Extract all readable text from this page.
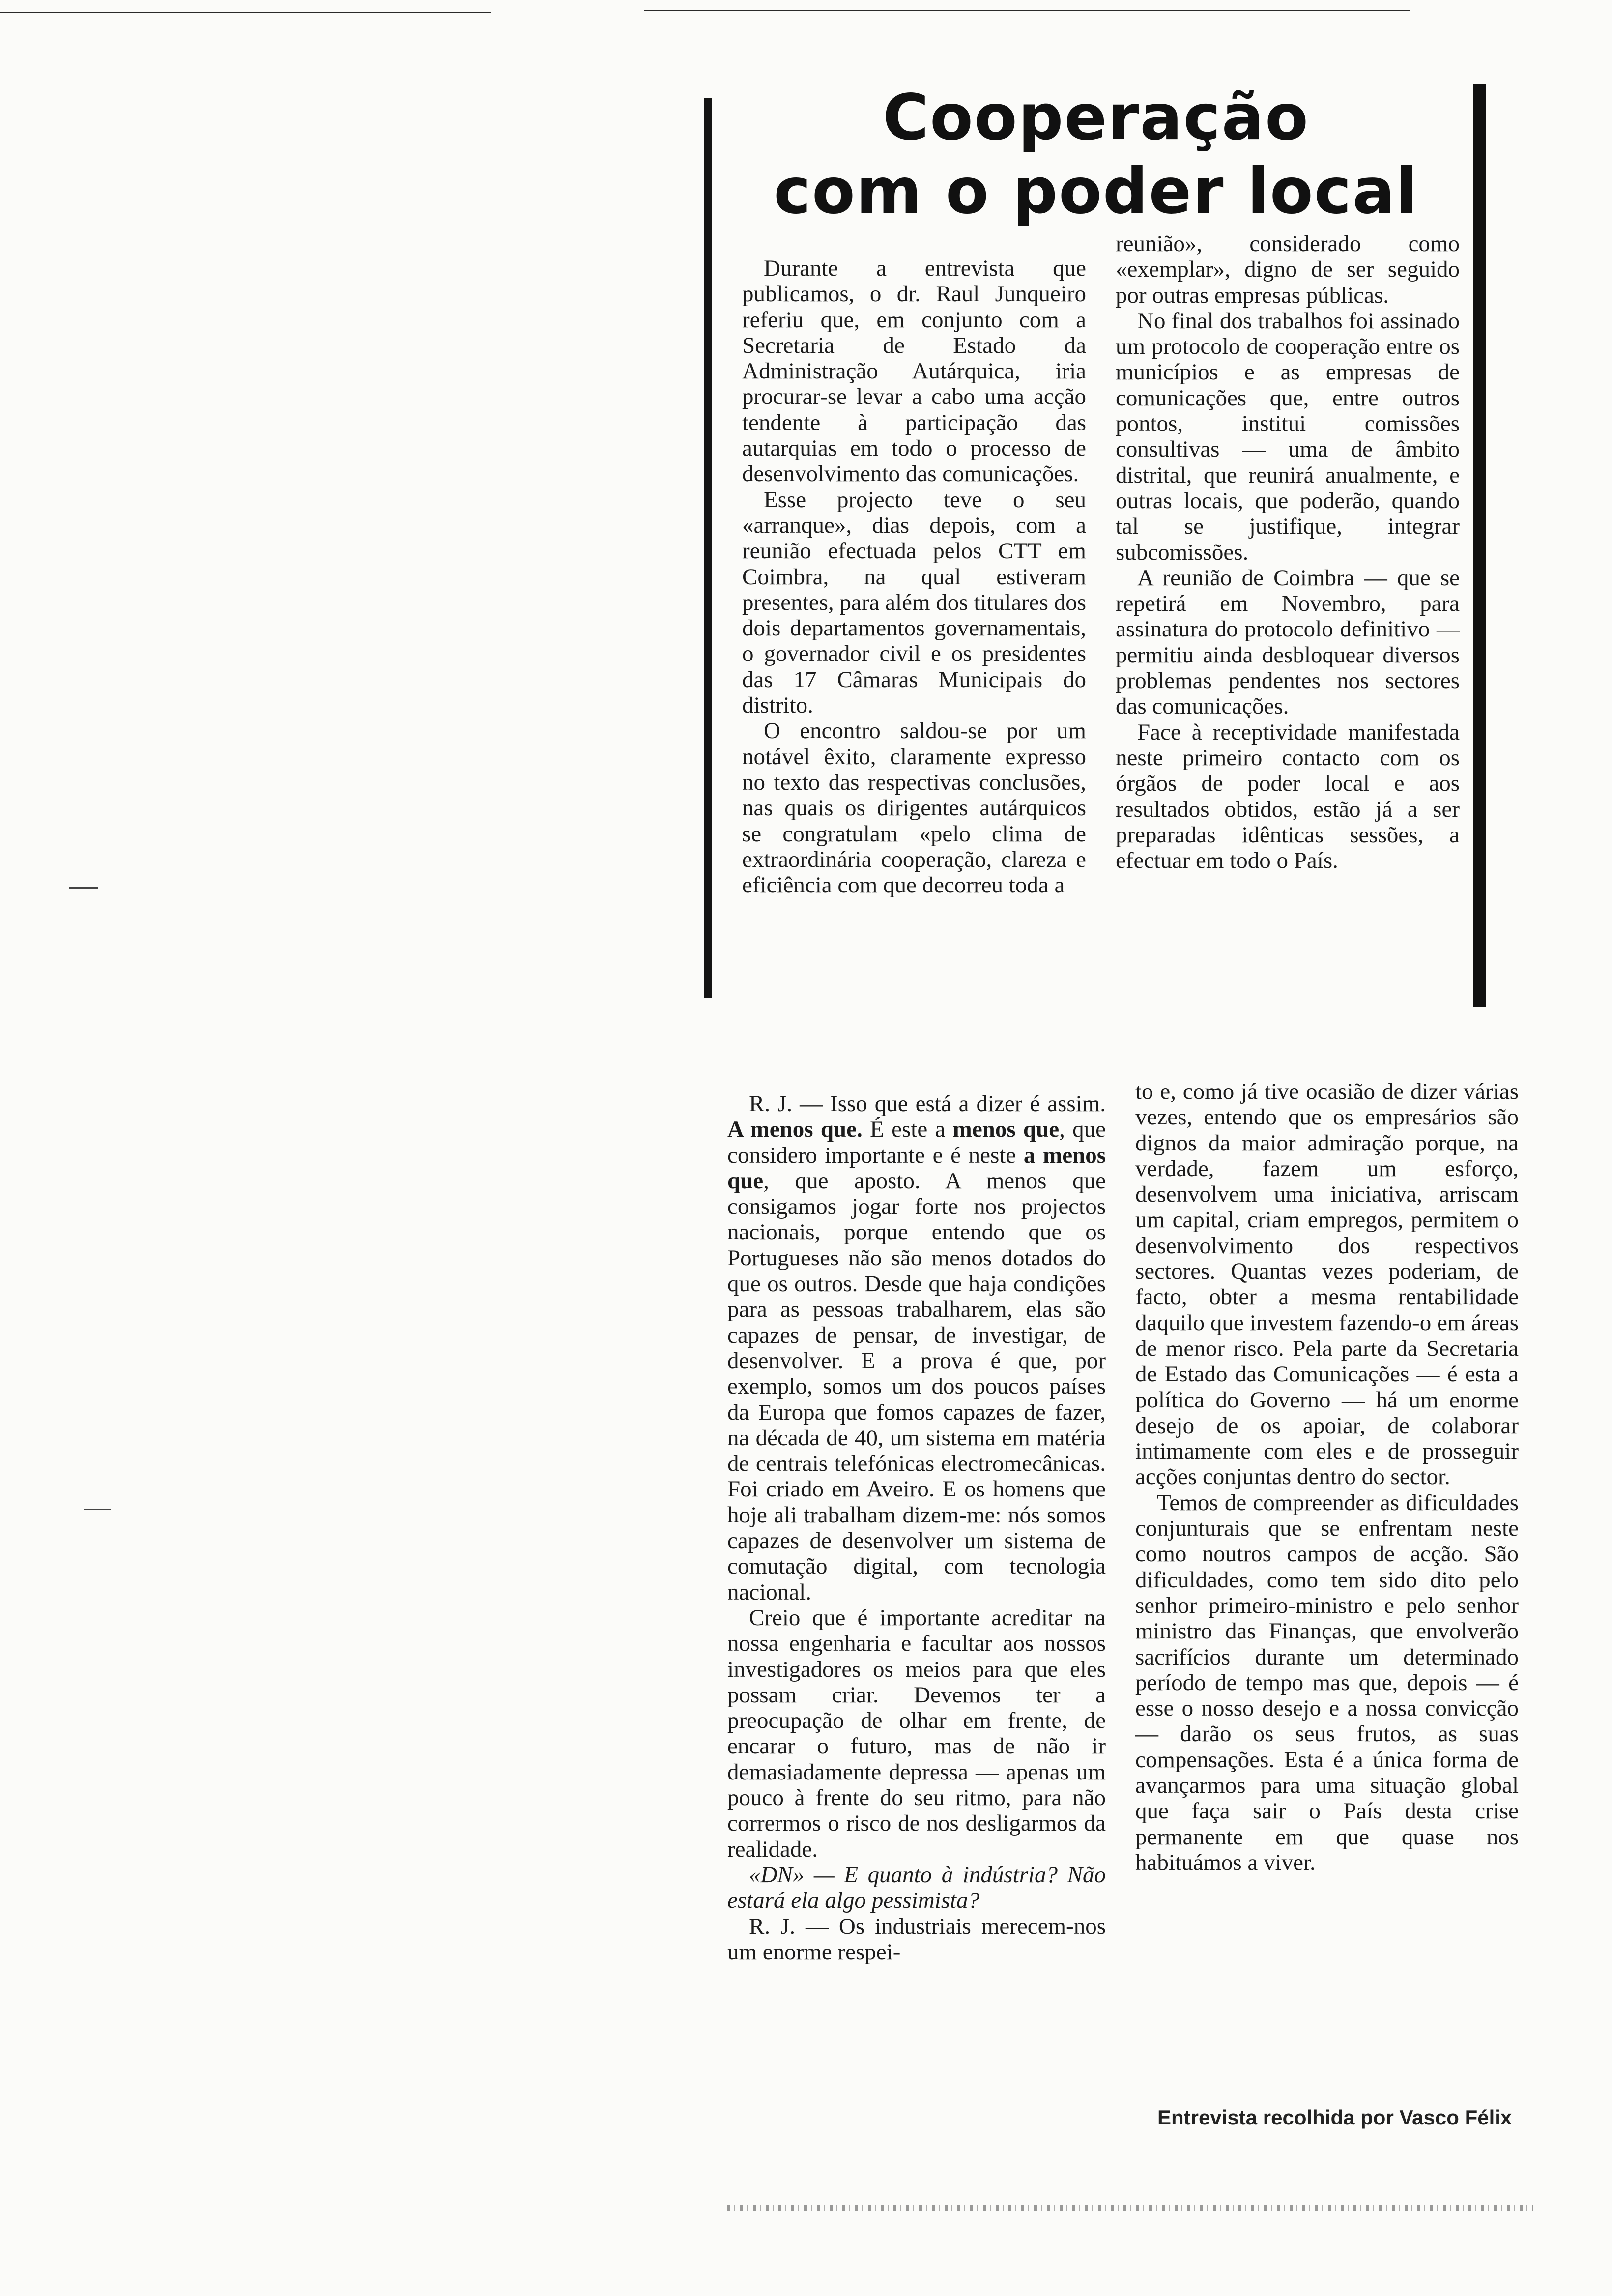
Cooperação
com o poder local

Durante a entrevista que publicamos, o dr. Raul Junqueiro referiu que, em conjunto com a Secretaria de Estado da Administração Autárquica, iria procurar-se levar a cabo uma acção tendente à participação das autarquias em todo o processo de desenvolvimento das comunicações.

Esse projecto teve o seu «arranque», dias depois, com a reunião efectuada pelos CTT em Coimbra, na qual estiveram presentes, para além dos titulares dos dois departamentos governamentais, o governador civil e os presidentes das 17 Câmaras Municipais do distrito.

O encontro saldou-se por um notável êxito, claramente expresso no texto das respectivas conclusões, nas quais os dirigentes autárquicos se congratulam «pelo clima de extraordinária cooperação, clareza e eficiência com que decorreu toda a

reunião», considerado como «exemplar», digno de ser seguido por outras empresas públicas.

No final dos trabalhos foi assinado um protocolo de cooperação entre os municípios e as empresas de comunicações que, entre outros pontos, institui comissões consultivas — uma de âmbito distrital, que reunirá anualmente, e outras locais, que poderão, quando tal se justifique, integrar subcomissões.

A reunião de Coimbra — que se repetirá em Novembro, para assinatura do protocolo definitivo — permitiu ainda desbloquear diversos problemas pendentes nos sectores das comunicações.

Face à receptividade manifestada neste primeiro contacto com os órgãos de poder local e aos resultados obtidos, estão já a ser preparadas idênticas sessões, a efectuar em todo o País.

R. J. — Isso que está a dizer é assim. A menos que. É este a menos que, que considero importante e é neste a menos que, que aposto. A menos que consigamos jogar forte nos projectos nacionais, porque entendo que os Portugueses não são menos dotados do que os outros. Desde que haja condições para as pessoas trabalharem, elas são capazes de pensar, de investigar, de desenvolver. E a prova é que, por exemplo, somos um dos poucos países da Europa que fomos capazes de fazer, na década de 40, um sistema em matéria de centrais telefónicas electromecânicas. Foi criado em Aveiro. E os homens que hoje ali trabalham dizem-me: nós somos capazes de desenvolver um sistema de comutação digital, com tecnologia nacional.

Creio que é importante acreditar na nossa engenharia e facultar aos nossos investigadores os meios para que eles possam criar. Devemos ter a preocupação de olhar em frente, de encarar o futuro, mas de não ir demasiadamente depressa — apenas um pouco à frente do seu ritmo, para não corrermos o risco de nos desligarmos da realidade.

«DN» — E quanto à indústria? Não estará ela algo pessimista?

R. J. — Os industriais merecem-nos um enorme respei-

to e, como já tive ocasião de dizer várias vezes, entendo que os empresários são dignos da maior admiração porque, na verdade, fazem um esforço, desenvolvem uma iniciativa, arriscam um capital, criam empregos, permitem o desenvolvimento dos respectivos sectores. Quantas vezes poderiam, de facto, obter a mesma rentabilidade daquilo que investem fazendo-o em áreas de menor risco. Pela parte da Secretaria de Estado das Comunicações — é esta a política do Governo — há um enorme desejo de os apoiar, de colaborar intimamente com eles e de prosseguir acções conjuntas dentro do sector.

Temos de compreender as dificuldades conjunturais que se enfrentam neste como noutros campos de acção. São dificuldades, como tem sido dito pelo senhor primeiro-ministro e pelo senhor ministro das Finanças, que envolverão sacrifícios durante um determinado período de tempo mas que, depois — é esse o nosso desejo e a nossa convicção — darão os seus frutos, as suas compensações. Esta é a única forma de avançarmos para uma situação global que faça sair o País desta crise permanente em que quase nos habituámos a viver.

Entrevista recolhida por Vasco Félix
